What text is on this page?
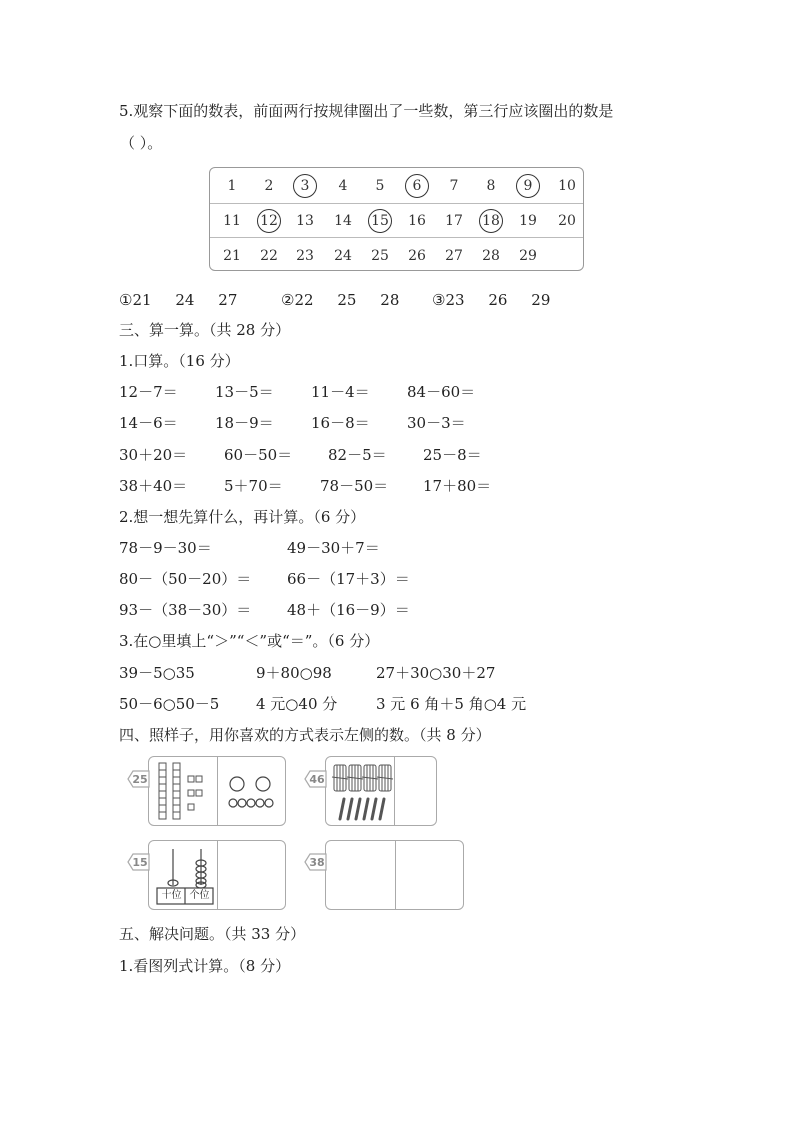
5.观察下面的数表，前面两行按规律圈出了一些数，第三行应该圈出的数是
（ ）。
1 2	3	4 5	6	7 8	9	10
11 12 13 14 15 16 17 18 19 20
21 22 23 24 25 26 27 28 29
①21     24     27	②22     25     28 ③23     26     29
三、算一算。（共 28 分）
1.口算。（16 分）
12－7＝ 13－5＝ 11－4＝ 84－60＝
14－6＝ 18－9＝ 16－8＝ 30－3＝
30＋20＝ 60－50＝ 82－5＝ 25－8＝
38＋40＝ 5＋70＝ 78－50＝ 17＋80＝
2.想一想先算什么，再计算。（6 分）
78－9－30＝	49－30＋7＝
80－（50－20）＝ 66－（17＋3）＝
93－（38－30）＝ 48＋（16－9）＝
3.在○里填上“＞”“＜”或“＝”。（6 分）
39－5○35	9＋80○98	27＋30○30＋27
50－6○50－5 4 元○40 分	3 元 6 角＋5 角○4 元
四、照样子，用你喜欢的方式表示左侧的数。（共 8 分）
25	46
十位 个位
15	38
五、解决问题。（共 33 分）
1.看图列式计算。（8 分）
